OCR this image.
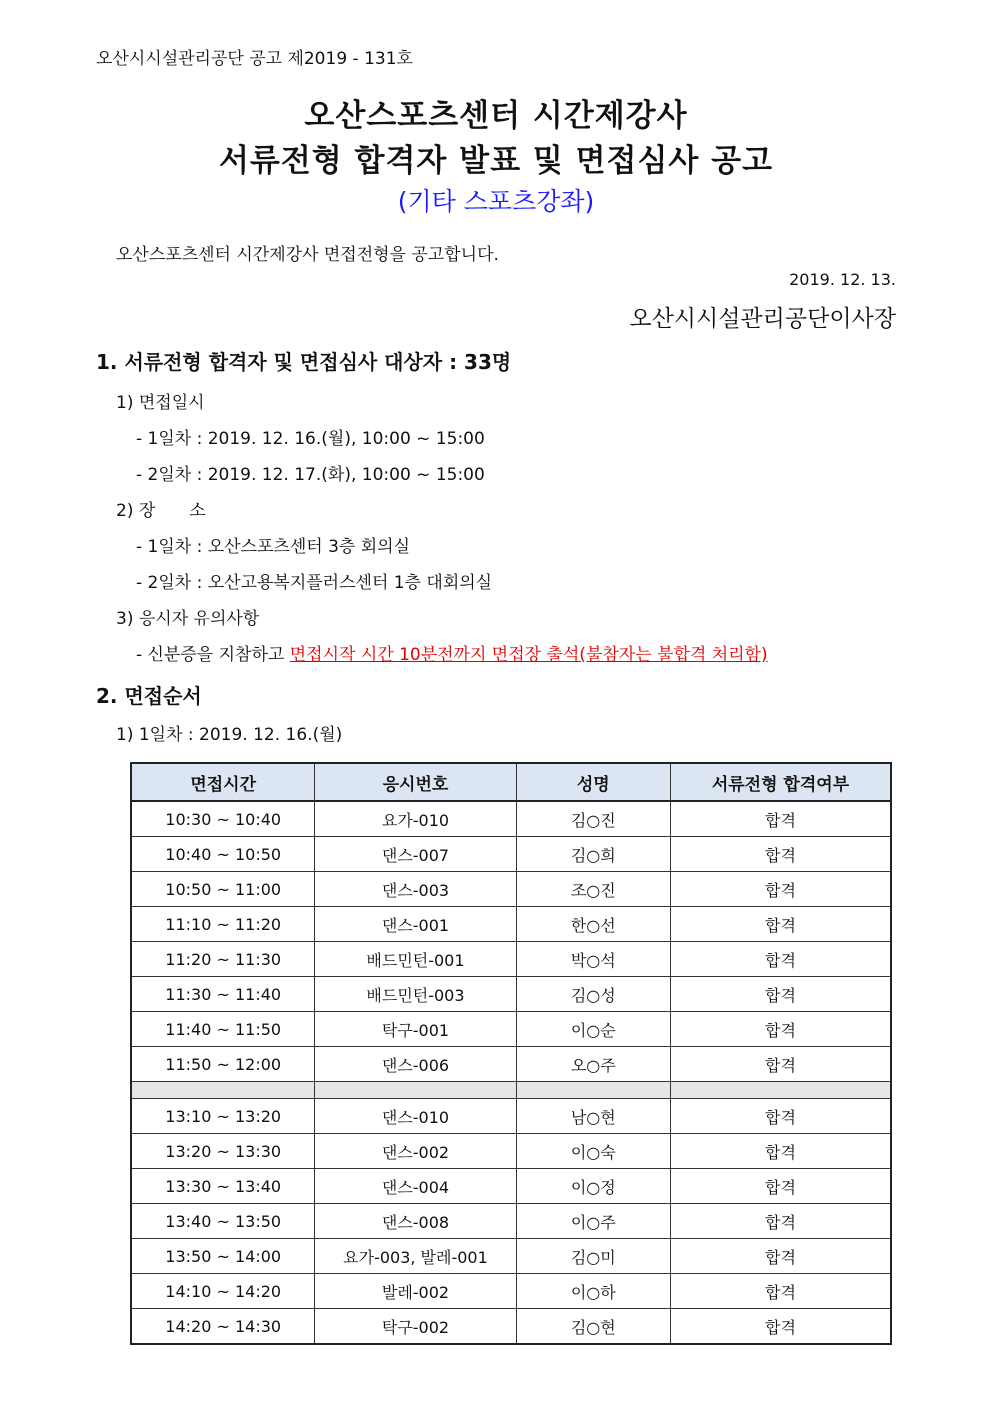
오산시시설관리공단 공고 제2019 - 131호
오산스포츠센터 시간제강사
서류전형 합격자 발표 및 면접심사 공고
(기타 스포츠강좌)
오산스포츠센터 시간제강사 면접전형을 공고합니다.
2019. 12. 13.
오산시시설관리공단이사장
1. 서류전형 합격자 및 면접심사 대상자 : 33명
1) 면접일시
- 1일차 : 2019. 12. 16.(월), 10:00 ~ 15:00
- 2일차 : 2019. 12. 17.(화), 10:00 ~ 15:00
2) 장　　소
- 1일차 : 오산스포츠센터 3층 회의실
- 2일차 : 오산고용복지플러스센터 1층 대회의실
3) 응시자 유의사항
- 신분증을 지참하고 면접시작 시간 10분전까지 면접장 출석(불참자는 불합격 처리함)
2. 면접순서
1) 1일차 : 2019. 12. 16.(월)
면접시간	응시번호	성명	서류전형 합격여부
10:30 ~ 10:40	요가-010	김○진	합격
10:40 ~ 10:50	댄스-007	김○희	합격
10:50 ~ 11:00	댄스-003	조○진	합격
11:10 ~ 11:20	댄스-001	한○선	합격
11:20 ~ 11:30	배드민턴-001	박○석	합격
11:30 ~ 11:40	배드민턴-003	김○성	합격
11:40 ~ 11:50	탁구-001	이○순	합격
11:50 ~ 12:00	댄스-006	오○주	합격

13:10 ~ 13:20	댄스-010	남○현	합격
13:20 ~ 13:30	댄스-002	이○숙	합격
13:30 ~ 13:40	댄스-004	이○정	합격
13:40 ~ 13:50	댄스-008	이○주	합격
13:50 ~ 14:00	요가-003, 발레-001	김○미	합격
14:10 ~ 14:20	발레-002	이○하	합격
14:20 ~ 14:30	탁구-002	김○현	합격
